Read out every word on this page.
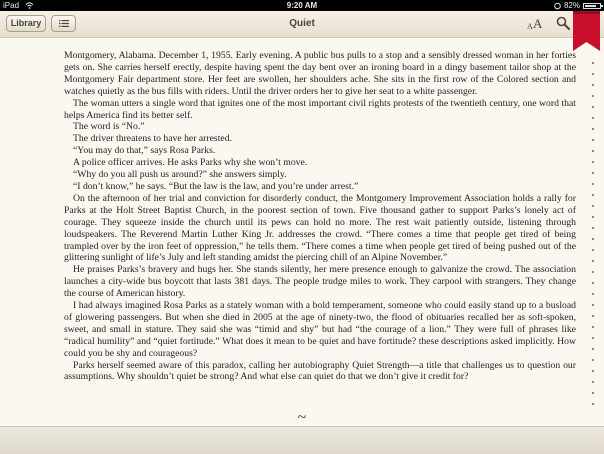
iPad	9:20 AM	82%
Library	Quiet	A A

Montgomery, Alabama. December 1, 1955. Early evening. A public bus pulls to a stop and a sensibly dressed woman in her forties gets on. She carries herself erectly, despite having spent the day bent over an ironing board in a dingy basement tailor shop at the Montgomery Fair department store. Her feet are swollen, her shoulders ache. She sits in the first row of the Colored section and watches quietly as the bus fills with riders. Until the driver orders her to give her seat to a white passenger.

The woman utters a single word that ignites one of the most important civil rights protests of the twentieth century, one word that helps America find its better self.

The word is “No.”

The driver threatens to have her arrested.

“You may do that,” says Rosa Parks.

A police officer arrives. He asks Parks why she won’t move.

“Why do you all push us around?” she answers simply.

“I don’t know,” he says. “But the law is the law, and you’re under arrest.”

On the afternoon of her trial and conviction for disorderly conduct, the Montgomery Improvement Association holds a rally for Parks at the Holt Street Baptist Church, in the poorest section of town. Five thousand gather to support Parks’s lonely act of courage. They squeeze inside the church until its pews can hold no more. The rest wait patiently outside, listening through loudspeakers. The Reverend Martin Luther King Jr. addresses the crowd. “There comes a time that people get tired of being trampled over by the iron feet of oppression,” he tells them. “There comes a time when people get tired of being pushed out of the glittering sunlight of life’s July and left standing amidst the piercing chill of an Alpine November.”

He praises Parks’s bravery and hugs her. She stands silently, her mere presence enough to galvanize the crowd. The association launches a city-wide bus boycott that lasts 381 days. The people trudge miles to work. They carpool with strangers. They change the course of American history.

I had always imagined Rosa Parks as a stately woman with a bold temperament, someone who could easily stand up to a busload of glowering passengers. But when she died in 2005 at the age of ninety-two, the flood of obituaries recalled her as soft-spoken, sweet, and small in stature. They said she was “timid and shy” but had “the courage of a lion.” They were full of phrases like “radical humility” and “quiet fortitude.” What does it mean to be quiet and have fortitude? these descriptions asked implicitly. How could you be shy and courageous?

Parks herself seemed aware of this paradox, calling her autobiography Quiet Strength—a title that challenges us to question our assumptions. Why shouldn’t quiet be strong? And what else can quiet do that we don’t give it credit for?

~
